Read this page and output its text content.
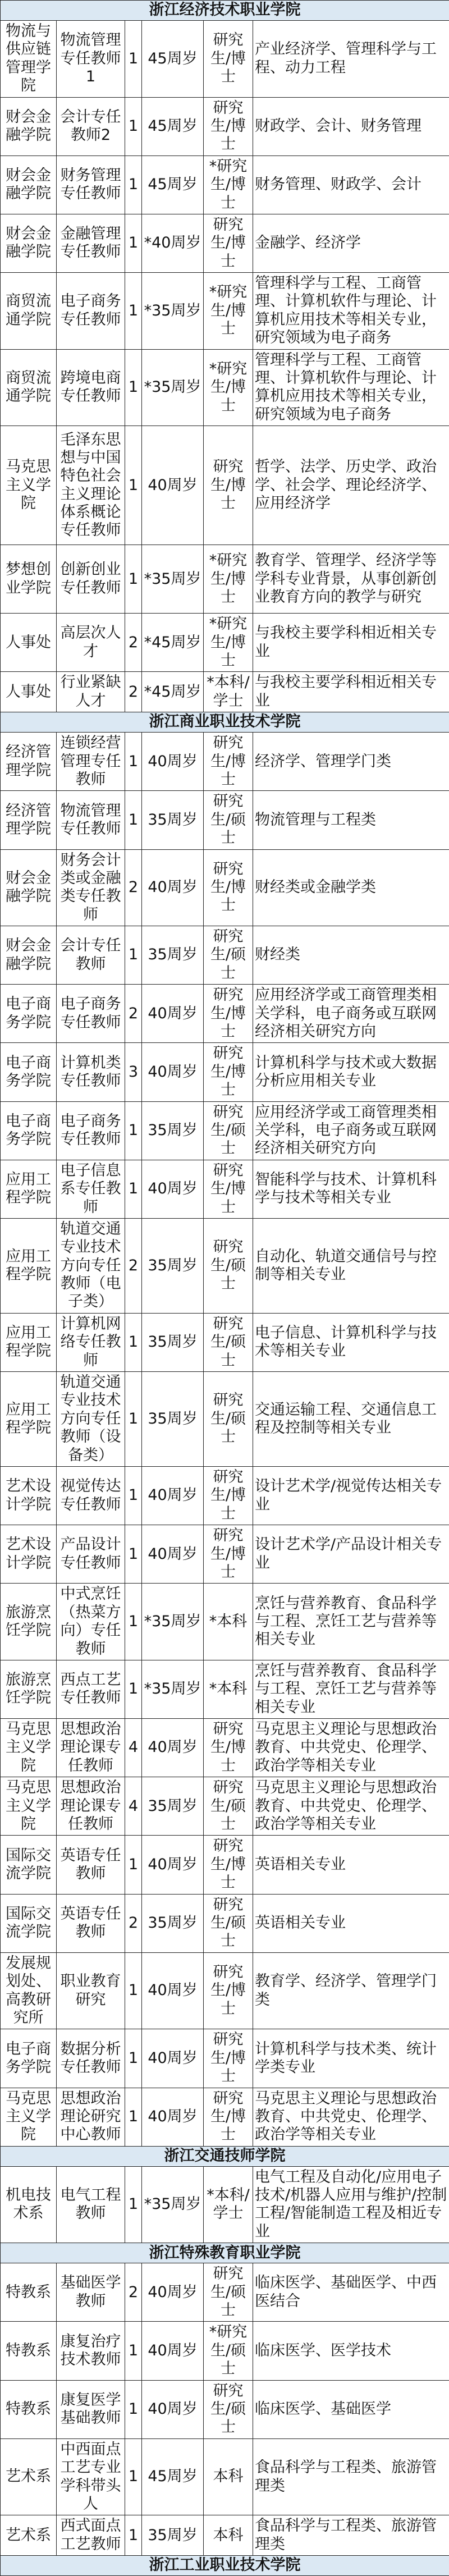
浙江经济技术职业学院					
物流与供应链管理学院	物流管理专任教师1	1	45周岁	研究生/博士	产业经济学、管理科学与工程、动力工程
财会金融学院	会计专任教师2	1	45周岁	研究生/博士	财政学、会计、财务管理
财会金融学院	财务管理专任教师	1	45周岁	*研究生/博士	财务管理、财政学、会计
财会金融学院	金融管理专任教师	1	*40周岁	研究生/博士	金融学、经济学
商贸流通学院	电子商务专任教师	1	*35周岁	*研究生/博士	管理科学与工程、工商管理、计算机软件与理论、计算机应用技术等相关专业，研究领域为电子商务
商贸流通学院	跨境电商专任教师	1	*35周岁	*研究生/博士	管理科学与工程、工商管理、计算机软件与理论、计算机应用技术等相关专业，研究领域为电子商务
马克思主义学院	毛泽东思想与中国特色社会主义理论体系概论专任教师	1	40周岁	研究生/博士	哲学、法学、历史学、政治学、社会学、理论经济学、应用经济学
梦想创业学院	创新创业专任教师	1	*35周岁	*研究生/博士	教育学、管理学、经济学等学科专业背景，从事创新创业教育方向的教学与研究
人事处	高层次人才	2	*45周岁	*研究生/博士	与我校主要学科相近相关专业
人事处	行业紧缺人才	2	*45周岁	*本科/学士	与我校主要学科相近相关专业
浙江商业职业技术学院					
经济管理学院	连锁经营管理专任教师	1	40周岁	研究生/博士	经济学、管理学门类
经济管理学院	物流管理专任教师	1	35周岁	研究生/硕士	物流管理与工程类
财会金融学院	财务会计类或金融类专任教师	2	40周岁	研究生/博士	财经类或金融学类
财会金融学院	会计专任教师	1	35周岁	研究生/硕士	财经类
电子商务学院	电子商务专任教师	2	40周岁	研究生/博士	应用经济学或工商管理类相关学科，电子商务或互联网经济相关研究方向
电子商务学院	计算机类专任教师	3	40周岁	研究生/博士	计算机科学与技术或大数据分析应用相关专业
电子商务学院	电子商务专任教师	1	35周岁	研究生/硕士	应用经济学或工商管理类相关学科，电子商务或互联网经济相关研究方向
应用工程学院	电子信息系专任教师	1	40周岁	研究生/博士	智能科学与技术、计算机科学与技术等相关专业
应用工程学院	轨道交通专业技术方向专任教师（电子类）	2	35周岁	研究生/硕士	自动化、轨道交通信号与控制等相关专业
应用工程学院	计算机网络专任教师	1	35周岁	研究生/硕士	电子信息、计算机科学与技术等相关专业
应用工程学院	轨道交通专业技术方向专任教师（设备类）	1	35周岁	研究生/硕士	交通运输工程、交通信息工程及控制等相关专业
艺术设计学院	视觉传达专任教师	1	40周岁	研究生/博士	设计艺术学/视觉传达相关专业
艺术设计学院	产品设计专任教师	1	40周岁	研究生/博士	设计艺术学/产品设计相关专业
旅游烹饪学院	中式烹饪（热菜方向）专任教师	1	*35周岁	*本科	烹饪与营养教育、食品科学与工程、烹饪工艺与营养等相关专业
旅游烹饪学院	西点工艺专任教师	1	*35周岁	*本科	烹饪与营养教育、食品科学与工程、烹饪工艺与营养等相关专业
马克思主义学院	思想政治理论课专任教师	4	40周岁	研究生/博士	马克思主义理论与思想政治教育、中共党史、伦理学、政治学等相关专业
马克思主义学院	思想政治理论课专任教师	4	35周岁	研究生/硕士	马克思主义理论与思想政治教育、中共党史、伦理学、政治学等相关专业
国际交流学院	英语专任教师	1	40周岁	研究生/博士	英语相关专业
国际交流学院	英语专任教师	2	35周岁	研究生/硕士	英语相关专业
发展规划处、高教研究所	职业教育研究	1	40周岁	研究生/博士	教育学、经济学、管理学门类
电子商务学院	数据分析专任教师	1	40周岁	研究生/博士	计算机科学与技术类、统计学类专业
马克思主义学院	思想政治理论研究中心教师	1	40周岁	研究生/博士	马克思主义理论与思想政治教育、中共党史、伦理学、政治学等相关专业
浙江交通技师学院					
机电技术系	电气工程教师	1	*35周岁	*本科/学士	电气工程及自动化/应用电子技术/机器人应用与维护/控制工程/智能制造工程及相近专业
浙江特殊教育职业学院					
特教系	基础医学教师	2	40周岁	研究生/硕士	临床医学、基础医学、中西医结合
特教系	康复治疗技术教师	1	40周岁	*研究生/硕士	临床医学、医学技术
特教系	康复医学基础教师	1	40周岁	研究生/硕士	临床医学、基础医学
艺术系	中西面点工艺专业学科带头人	1	45周岁	本科	食品科学与工程类、旅游管理类
艺术系	西式面点工艺教师	1	35周岁	本科	食品科学与工程类、旅游管理类
浙江工业职业技术学院					
